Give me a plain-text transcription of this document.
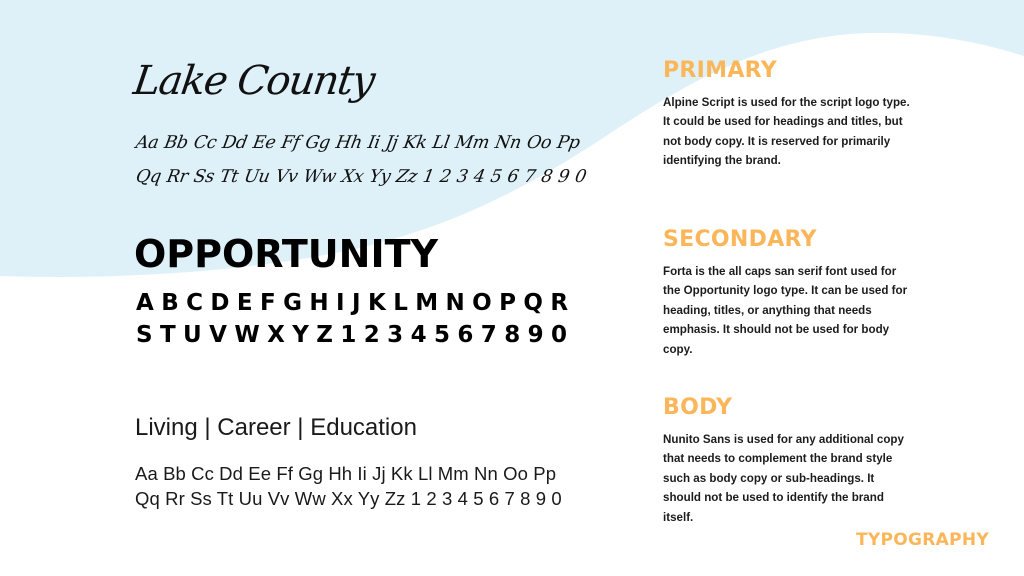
Lake County
Aa Bb Cc Dd Ee Ff Gg Hh Ii Jj Kk Ll Mm Nn Oo Pp
Qq Rr Ss Tt Uu Vv Ww Xx Yy Zz 1 2 3 4 5 6 7 8 9 0
OPPORTUNITY
ABCDEFGHIJKLMNOPQR
STUVWXYZ1234567890
Living | Career | Education
Aa Bb Cc Dd Ee Ff Gg Hh Ii Jj Kk Ll Mm Nn Oo Pp
Qq Rr Ss Tt Uu Vv Ww Xx Yy Zz 1 2 3 4 5 6 7 8 9 0
PRIMARY

Alpine Script is used for the script logo type. It could be used for headings and titles, but not body copy. It is reserved for primarily identifying the brand.

SECONDARY

Forta is the all caps san serif font used for the Opportunity logo type. It can be used for heading, titles, or anything that needs emphasis. It should not be used for body copy.

BODY

Nunito Sans is used for any additional copy that needs to complement the brand style such as body copy or sub-headings. It should not be used to identify the brand itself.

TYPOGRAPHY
